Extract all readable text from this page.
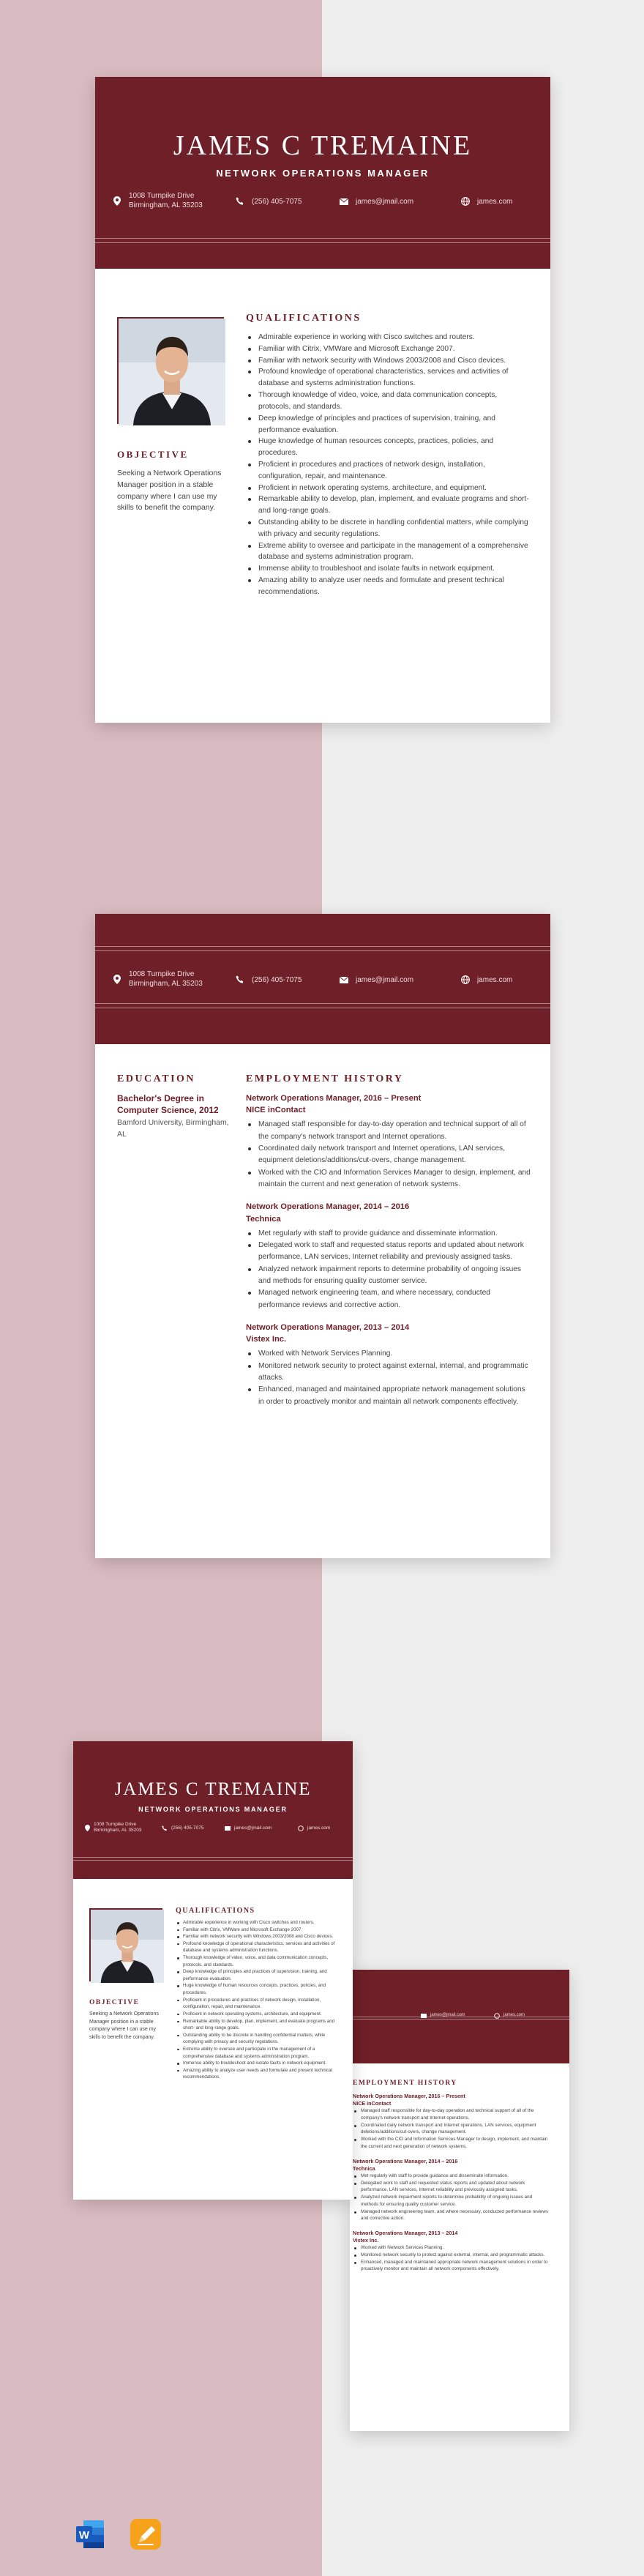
JAMES C TREMAINE
NETWORK OPERATIONS MANAGER
1008 Turnpike Drive
Birmingham, AL 35203	(256) 405-7075	james@jmail.com	james.com
OBJECTIVE

Seeking a Network Operations Manager position in a stable company where I can use my skills to benefit the company.

QUALIFICATIONS
Admirable experience in working with Cisco switches and routers.
Familiar with Citrix, VMWare and Microsoft Exchange 2007.
Familiar with network security with Windows 2003/2008 and Cisco devices.
Profound knowledge of operational characteristics, services and activities of database and systems administration functions.
Thorough knowledge of video, voice, and data communication concepts, protocols, and standards.
Deep knowledge of principles and practices of supervision, training, and performance evaluation.
Huge knowledge of human resources concepts, practices, policies, and procedures.
Proficient in procedures and practices of network design, installation, configuration, repair, and maintenance.
Proficient in network operating systems, architecture, and equipment.
Remarkable ability to develop, plan, implement, and evaluate programs and short- and long-range goals.
Outstanding ability to be discrete in handling confidential matters, while complying with privacy and security regulations.
Extreme ability to oversee and participate in the management of a comprehensive database and systems administration program.
Immense ability to troubleshoot and isolate faults in network equipment.
Amazing ability to analyze user needs and formulate and present technical recommendations.
1008 Turnpike Drive
Birmingham, AL 35203	(256) 405-7075	james@jmail.com	james.com
EDUCATION
Bachelor's Degree in Computer Science, 2012
Bamford University, Birmingham, AL
EMPLOYMENT HISTORY
Network Operations Manager, 2016 – Present
NICE inContact
Managed staff responsible for day-to-day operation and technical support of all of the company's network transport and Internet operations.
Coordinated daily network transport and Internet operations, LAN services, equipment deletions/additions/cut-overs, change management.
Worked with the CIO and Information Services Manager to design, implement, and maintain the current and next generation of network systems.
Network Operations Manager, 2014 – 2016
Technica
Met regularly with staff to provide guidance and disseminate information.
Delegated work to staff and requested status reports and updated about network performance, LAN services, Internet reliability and previously assigned tasks.
Analyzed network impairment reports to determine probability of ongoing issues and methods for ensuring quality customer service.
Managed network engineering team, and where necessary, conducted performance reviews and corrective action.
Network Operations Manager, 2013 – 2014
Vistex Inc.
Worked with Network Services Planning.
Monitored network security to protect against external, internal, and programmatic attacks.
Enhanced, managed and maintained appropriate network management solutions in order to proactively monitor and maintain all network components effectively.
james@jmail.com	james.com
EMPLOYMENT HISTORY
Network Operations Manager, 2016 – Present
NICE inContact
Managed staff responsible for day-to-day operation and technical support of all of the company's network transport and Internet operations.
Coordinated daily network transport and Internet operations, LAN services, equipment deletions/additions/cut-overs, change management.
Worked with the CIO and Information Services Manager to design, implement, and maintain the current and next generation of network systems.
Network Operations Manager, 2014 – 2016
Technica
Met regularly with staff to provide guidance and disseminate information.
Delegated work to staff and requested status reports and updated about network performance, LAN services, Internet reliability and previously assigned tasks.
Analyzed network impairment reports to determine probability of ongoing issues and methods for ensuring quality customer service.
Managed network engineering team, and where necessary, conducted performance reviews and corrective action.
Network Operations Manager, 2013 – 2014
Vistex Inc.
Worked with Network Services Planning.
Monitored network security to protect against external, internal, and programmatic attacks.
Enhanced, managed and maintained appropriate network management solutions in order to proactively monitor and maintain all network components effectively.
JAMES C TREMAINE
NETWORK OPERATIONS MANAGER
1008 Turnpike Drive
Birmingham, AL 35203
(256) 405-7075	james@jmail.com	james.com
OBJECTIVE

Seeking a Network Operations Manager position in a stable company where I can use my skills to benefit the company.

QUALIFICATIONS
Admirable experience in working with Cisco switches and routers.
Familiar with Citrix, VMWare and Microsoft Exchange 2007.
Familiar with network security with Windows 2003/2008 and Cisco devices.
Profound knowledge of operational characteristics, services and activities of database and systems administration functions.
Thorough knowledge of video, voice, and data communication concepts, protocols, and standards.
Deep knowledge of principles and practices of supervision, training, and performance evaluation.
Huge knowledge of human resources concepts, practices, policies, and procedures.
Proficient in procedures and practices of network design, installation, configuration, repair, and maintenance.
Proficient in network operating systems, architecture, and equipment.
Remarkable ability to develop, plan, implement, and evaluate programs and short- and long-range goals.
Outstanding ability to be discrete in handling confidential matters, while complying with privacy and security regulations.
Extreme ability to oversee and participate in the management of a comprehensive database and systems administration program.
Immense ability to troubleshoot and isolate faults in network equipment.
Amazing ability to analyze user needs and formulate and present technical recommendations.
W
